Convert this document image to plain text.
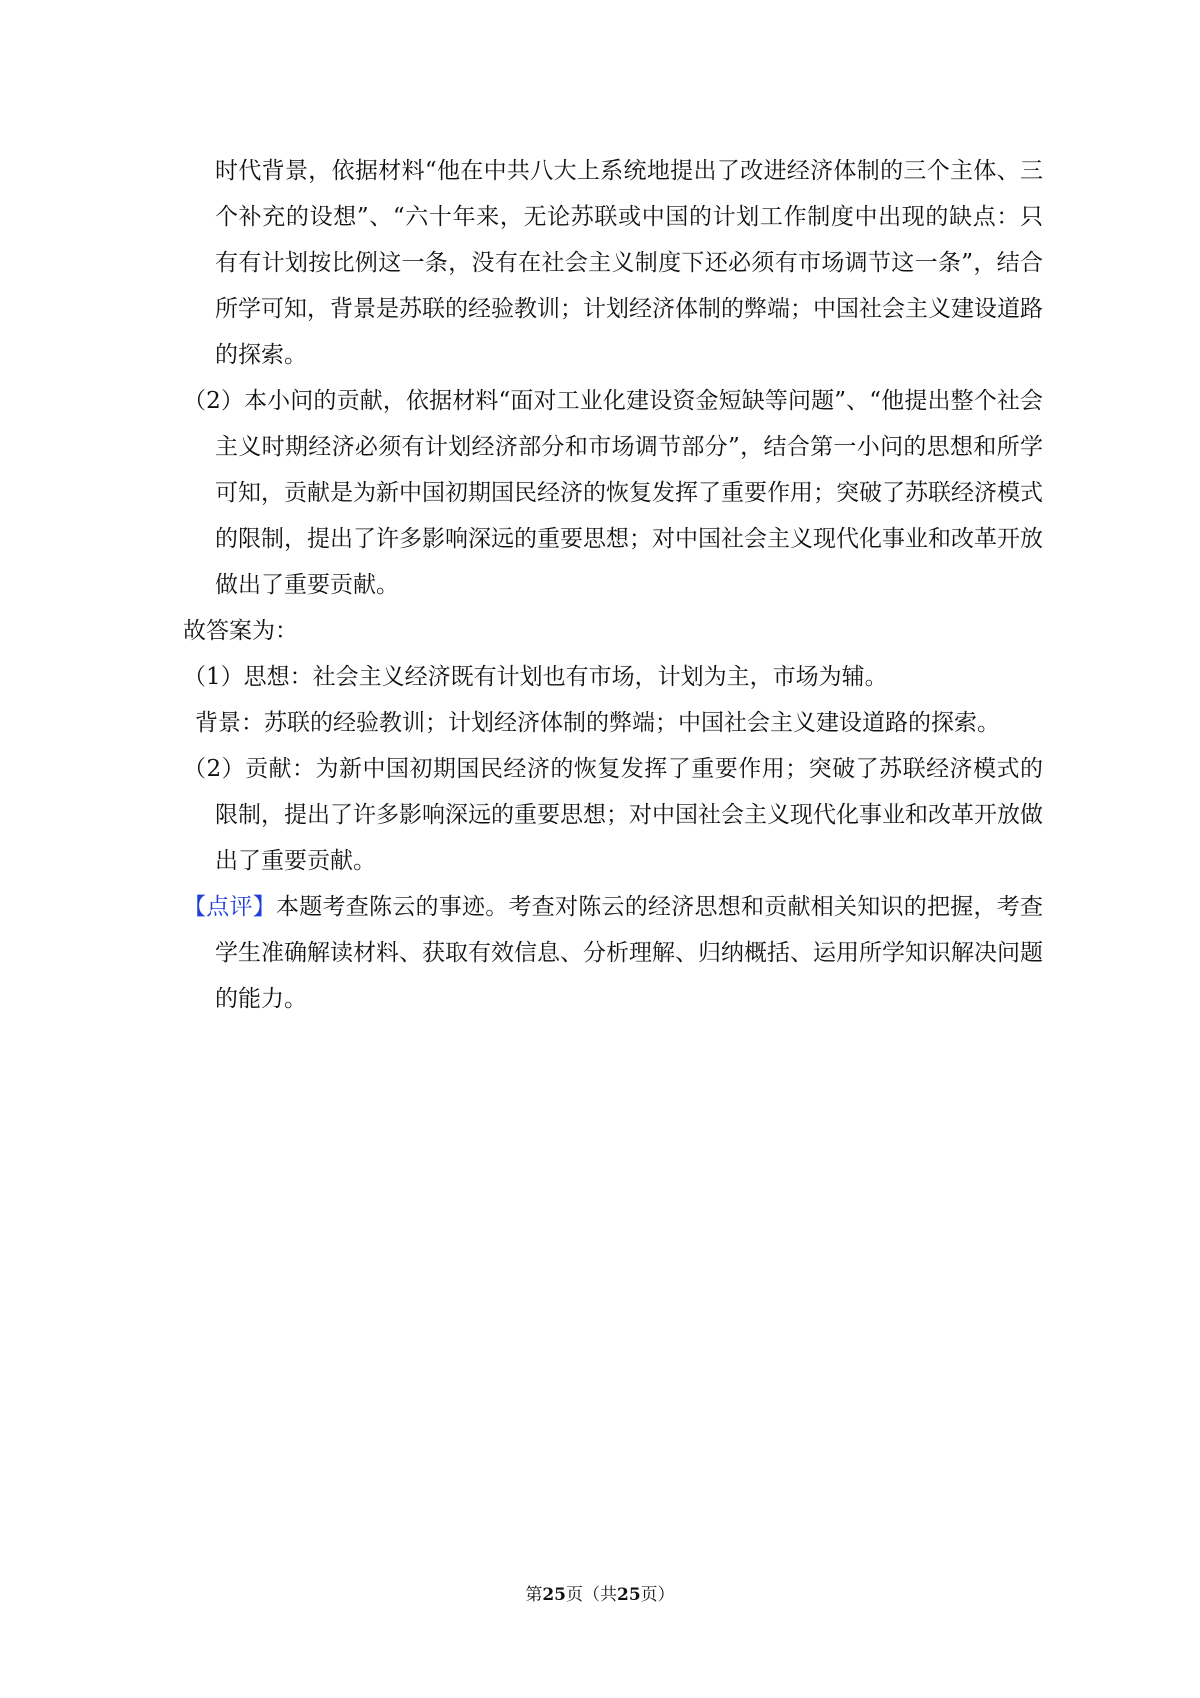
时代背景，依据材料“他在中共八大上系统地提出了改进经济体制的三个主体、三个补充的设想”、“六十年来，无论苏联或中国的计划工作制度中出现的缺点：只有有计划按比例这一条，没有在社会主义制度下还必须有市场调节这一条”，结合所学可知，背景是苏联的经验教训；计划经济体制的弊端；中国社会主义建设道路的探索。

（2）本小问的贡献，依据材料“面对工业化建设资金短缺等问题”、“他提出整个社会主义时期经济必须有计划经济部分和市场调节部分”，结合第一小问的思想和所学可知，贡献是为新中国初期国民经济的恢复发挥了重要作用；突破了苏联经济模式的限制，提出了许多影响深远的重要思想；对中国社会主义现代化事业和改革开放做出了重要贡献。

故答案为：

（1）思想：社会主义经济既有计划也有市场，计划为主，市场为辅。

背景：苏联的经验教训；计划经济体制的弊端；中国社会主义建设道路的探索。

（2）贡献：为新中国初期国民经济的恢复发挥了重要作用；突破了苏联经济模式的限制，提出了许多影响深远的重要思想；对中国社会主义现代化事业和改革开放做出了重要贡献。

【点评】本题考查陈云的事迹。考查对陈云的经济思想和贡献相关知识的把握，考查学生准确解读材料、获取有效信息、分析理解、归纳概括、运用所学知识解决问题的能力。

第25页（共25页）
